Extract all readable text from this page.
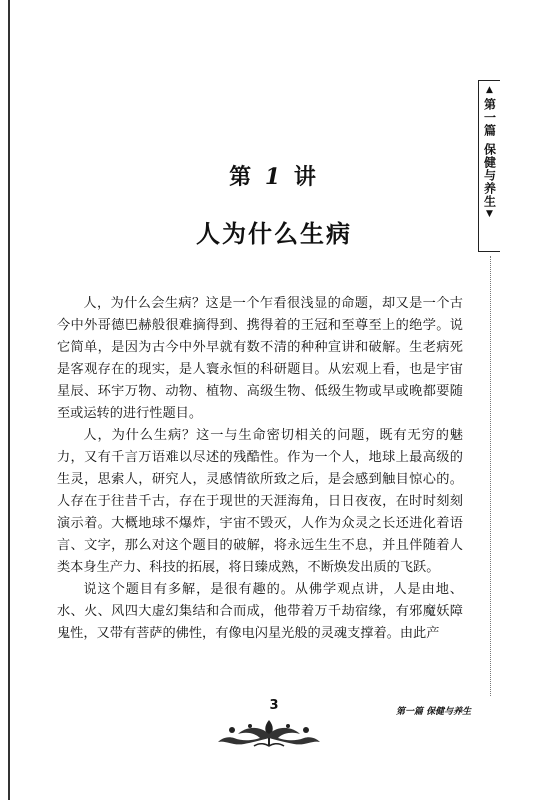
▲
第一篇
保健与养生
▼
第 1 讲
人为什么生病

人，为什么会生病？这是一个乍看很浅显的命题，却又是一个古今中外哥德巴赫般很难摘得到、携得着的王冠和至尊至上的绝学。说它简单，是因为古今中外早就有数不清的种种宣讲和破解。生老病死是客观存在的现实，是人寰永恒的科研题目。从宏观上看，也是宇宙星辰、环宇万物、动物、植物、高级生物、低级生物或早或晚都要随至或运转的进行性题目。

人，为什么生病？这一与生命密切相关的问题，既有无穷的魅力，又有千言万语难以尽述的残酷性。作为一个人，地球上最高级的生灵，思索人，研究人，灵感情欲所致之后，是会感到触目惊心的。人存在于往昔千古，存在于现世的天涯海角，日日夜夜，在时时刻刻演示着。大概地球不爆炸，宇宙不毁灭，人作为众灵之长还进化着语言、文字，那么对这个题目的破解，将永远生生不息，并且伴随着人类本身生产力、科技的拓展，将日臻成熟，不断焕发出质的飞跃。

说这个题目有多解，是很有趣的。从佛学观点讲，人是由地、水、火、风四大虚幻集结和合而成，他带着万千劫宿缘，有邪魔妖障鬼性，又带有菩萨的佛性，有像电闪星光般的灵魂支撑着。由此产

3	第一篇 保健与养生
